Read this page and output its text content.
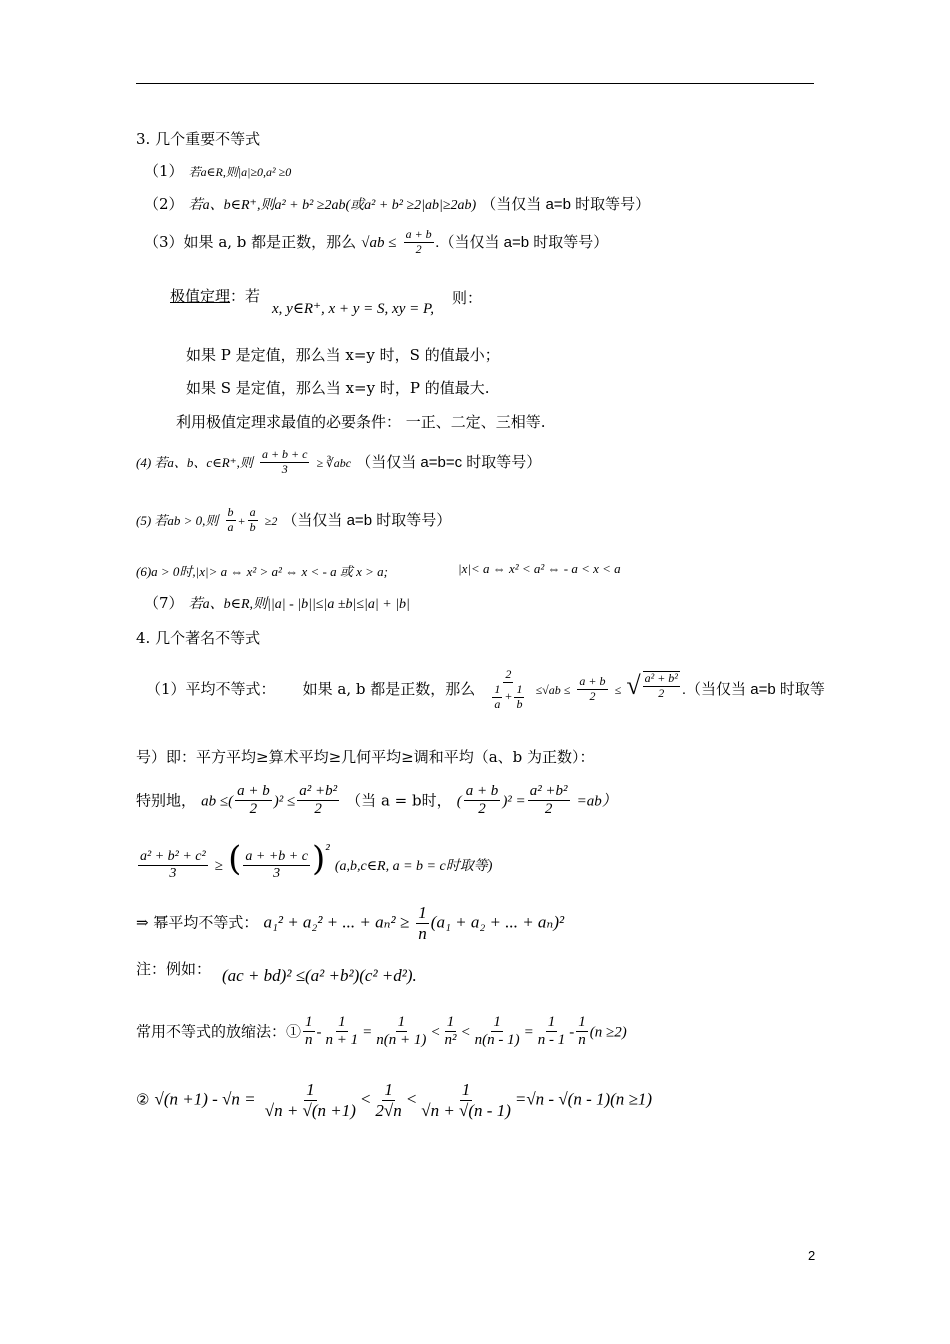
3. 几个重要不等式
（1） 若a∈R,则|a|≥0,a² ≥0
（2） 若a、b∈R⁺,则a² + b² ≥2ab(或a² + b² ≥2|ab|≥2ab) （当仅当 a=b 时取等号）
（3）如果 a, b 都是正数，那么 $√ab \le \frac{a + b}{2}$ .（当仅当 a=b 时取等号）
极值定理：若
x, y∈R⁺, x + y = S, xy = P,
则：
如果 P 是定值，那么当 x=y 时，S 的值最小；
如果 S 是定值，那么当 x=y 时，P 的值最大.
利用极值定理求最值的必要条件： 一正、二定、三相等.
(4) 若a、b、c∈R⁺,则 $\frac{a + b + c}{3}$ ≥ ∛abc （当仅当 a=b=c 时取等号）
(5) 若ab > 0,则 $\frac{b}{a} + \frac{a}{b} \ge 2$ （当仅当 a=b 时取等号）
(6)a > 0时,|x|> a ⇔ x² > a² ⇔ x < - a 或 x > a;	|x|< a ⇔ x² < a² ⇔ - a < x < a
（7） 若a、b∈R,则||a| - |b||≤|a ±b|≤|a| + |b|
4. 几个著名不等式
（1）平均不等式： 如果 a, b 都是正数，那么 $\frac{2}{\frac{1}{a} + \frac{1}{b}} \le√ab \le \frac{a + b}{2}$ ≤ √ $\frac{\text{a² + b²}}{2}$ .（当仅当 a=b 时取等
号）即：平方平均≥算术平均≥几何平均≥调和平均（a、b 为正数）：
特别地， ab ≤( $\frac{a + b}{2} )^2 \le \frac{\text{a² +b²}}{2}$ （当 a = b时， ( $\frac{a + b}{2} )^2 = \frac{\text{a² +b²}}{2} =ab$）
$\frac{\text{a² + b² + c²}}{3}$ ≥ ( $\frac{a + +b + c}{3} )^2$ (a,b,c∈R, a = b = c时取等)
⇒ 幂平均不等式： a₁² + a₂² + ... + $a_n^2 \ge \frac{1}{n} (a_1 + a_2$ + ... + aₙ)²
注：例如： (ac + bd)² ≤(a² +b²)(c² +d²).
常用不等式的放缩法：① $\frac{1}{n} - \frac{1}{n + 1} = \frac{1}{n(n + 1)} < \frac{1}{\text{n²}} < \frac{1}{n(n - 1)} = \frac{1}{n - 1} - \frac{1}{n} (n \ge 2)$
② $√(n +1) - √n = \frac{1}{√n + √(n +1)} < \frac{1}{2√n} < \frac{1}{√n + √(n - 1)} =√n - √(n - 1)(n \ge 1)$
2
